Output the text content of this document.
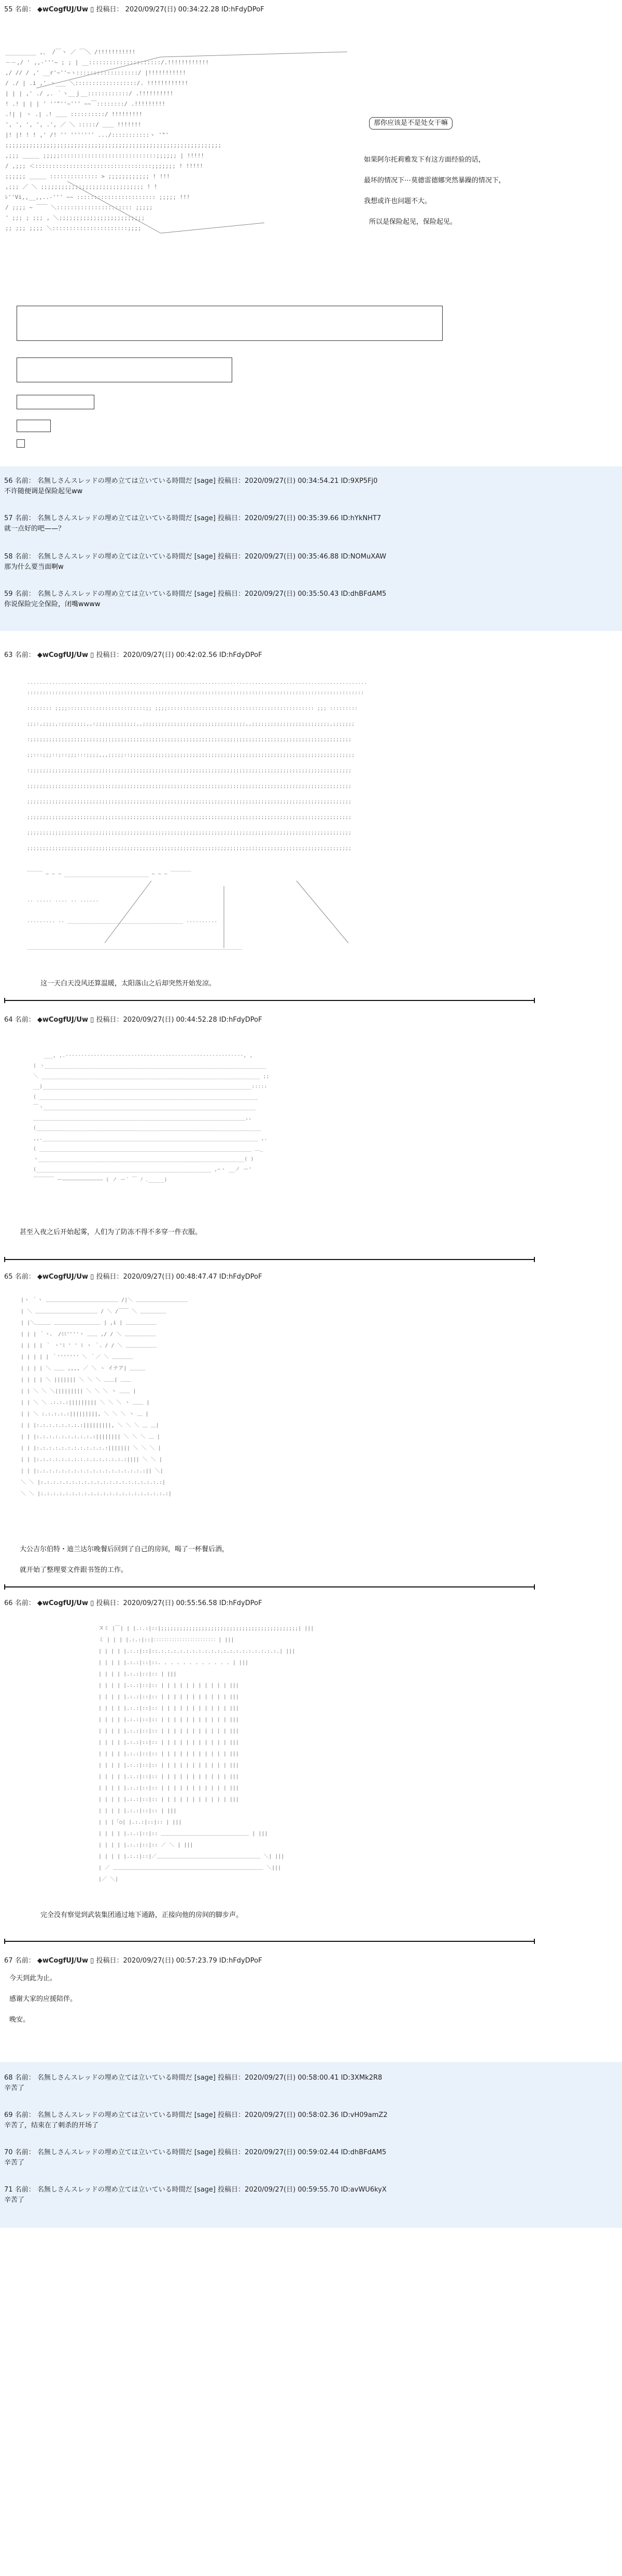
55 名前： ◆wCogfUJ/Uw ▯ 投稿日： 2020/09/27(日) 00:34:22.28 ID:hFdyDPoF
_________ ,、 /￣ヽ ／ ￣＼ /!!!!!!!!!!!
－－,/ ' ,,-'''~ ; ; | __:::::::::::::::::::::/.!!!!!!!!!!!!
,/ // / ,' __r'~''~ヽ::::::::::::::::::/ |!!!!!!!!!!!
/ ./ | .i ,' ヽ___ ＼::::::::::::::::::/. !!!!!!!!!!!!
| | | ,' ./ ,. ｀ヽ__ｊ__::::::::::::/ .!!!!!!!!!!
! .! | | | ' ''"''~''' ~~￣::::::::/ .!!!!!!!!!
.!| | ヽ .| .! ＿＿ ::::::::::/ !!!!!!!!!
', ', ', ', .', ／ ＼ :::::/ ＿＿ !!!!!!!
|! |! ! ! ,' /! '' ''''''' .../:::::::::::ヽ '"'
;;;;;;;;;;;;;;;;;;;;;;;;;;;;;;;;;;;;;;;;;;;;;;;;;;;;;;;;;;;;;;;
,;;; ＿＿＿ ;;;;;::::::::::::::::::::::::::::;;;;;; | !!!!!
/ ,;;; ＜::::::::::::::::::::::::::::::::::;;;;;;; ! !!!!!
;;;;;; ＿＿＿ :::::::::::::: > ;;;;;;;;;;;; ! !!!
,;;; ／ ＼ ;;;;;;;;;;;;;;;;;;;;;;;;;;;;;; ! !
ﾚ''Vi,,__,,..-''' ~~ ::::::::::::::::::::::: ;;;;; !!!
/ ;;;; ~ ￣￣ ＼:::::::::::::::::::::: ;;;;;
' ;;; ; ;;; , ＼;;;;;;;;;;;;;;;;;;;;;;;;;
;; ;;; ;;;; ＼::::::::::::::::::::::;;;;
那你应该是不是处女干嘛
如果阿尔托莉雅发下有这方面经验的话，
最坏的情况下⋯莫德雷德娜突然暴躁的情况下，
我想或许也问题不大。
所以是保险起见，保险起见。
56 名前： 名無しさんスレッドの埋め立ては立いている時間だ [sage] 投稿日：2020/09/27(日) 00:34:54.21 ID:9XP5Fj0
不许随便调是保险起见ww
57 名前： 名無しさんスレッドの埋め立ては立いている時間だ [sage] 投稿日：2020/09/27(日) 00:35:39.66 ID:hYkNHT7
就一点好的吧——？
58 名前： 名無しさんスレッドの埋め立ては立いている時間だ [sage] 投稿日：2020/09/27(日) 00:35:46.88 ID:NOMuXAW
那为什么要当面啊w
59 名前： 名無しさんスレッドの埋め立ては立いている時間だ [sage] 投稿日：2020/09/27(日) 00:35:50.43 ID:dhBFdAM5
你说保险完全保险，闭嘴wwww
63 名前： ◆wCogfUJ/Uw ▯ 投稿日：2020/09/27(日) 00:42:02.56 ID:hFdyDPoF
.............................................................................................................
::::::::::::::::::::::::::::::::::::::::::::::::::::::::::::::::::::::::::::::::::::::::::::::::::::::::::::
:::::::: ;;;;:::::::::::::::::::::::::;; ;;;;::::::::::::::::::::::::::::::::::::::::::::::: ;;; :::::::::
;;;:,;;;;,:;;;;;;;;,,:;;;;;;;;;;;;;,,;;;;;;;;;;;;;;;;;;;;;;;;;;;;;;;;;,,;;;;;;;;;;;;;;;;;;;;;;;;;,;;;;;;;
:;;;;;;;;;;;;;;;;;;;;;;;;;;;;;;;;;;;;;;;;;;;;;;;;;;;;;;;;;;;;;;;;;;;;;;;;;;;;;;;;;;;;;;;;;;;;;;;;;;;;;;;
;;:::;;;::;::;;;:::;;;;,,,;;;;;::;;;;;;;;;;;;;;;;;;;;;;;;;;;;;;;;;;;;;;;;;;;;;;;;;;;;;;;;;;;;;;;;;;;;;;;;
:;;;;;;;;;;;;;;;;;;;;;;;;;;;;;;;;;;;;;;;;;;;;;;;;;;;;;;;;;;;;;;;;;;;;;;;;;;;;;;;;;;;;;;;;;;;;;;;;;;;;;;;
;;;;;;;;;;;;;;;;;;;;;;;;;;;;;;;;;;;;;;;;;;;;;;;;;;;;;;;;;;;;;;;;;;;;;;;;;;;;;;;;;;;;;;;;;;;;;;;;;;;;;;;;
;;;;;;;;;;;;;;;;;;;;;;;;;;;;;;;;;;;;;;;;;;;;;;;;;;;;;;;;;;;;;;;;;;;;;;;;;;;;;;;;;;;;;;;;;;;;;;;;;;;;;;;;
;;;;;;;;;;;;;;;;;;;;;;;;;;;;;;;;;;;;;;;;;;;;;;;;;;;;;;;;;;;;;;;;;;;;;;;;;;;;;;;;;;;;;;;;;;;;;;;;;;;;;;;;
;;;;;;;;;;;;;;;;;;;;;;;;;;;;;;;;;;;;;;;;;;;;;;;;;;;;;;;;;;;;;;;;;;;;;;;;;;;;;;;;;;;;;;;;;;;;;;;;;;;;;;;;
;;;;;;;;;;;;;;;;;;;;;;;;;;;;;;;;;;;;;;;;;;;;;;;;;;;;;;;;;;;;;;;;;;;;;;;;;;;;;;;;;;;;;;;;;;;;;;;;;;;;;;;;
￣￣￣ ~ ~ ~ ___________________________ ~ ~ ~ ￣￣￣￣
.. ..... .... .. ......
......... .. _____________________________________ ..........
_____________________________________________________________________
这一天白天没风还算温暖，太阳落山之后却突然开始发凉。
64 名前： ◆wCogfUJ/Uw ▯ 投稿日：2020/09/27(日) 00:44:52.28 ID:hFdyDPoF
___, ,.---------------------------------------------------------, ,
( ヽ_______________________________________________________________________
＼ ______________________________________________________________________ ;;
__)___________________________________________________________________:::::
( ______________________________________________________________________
￣ヽ____________________________________________________________________
____________________________________________________________________,,
(________________________________________________________________________
,,._____________________________________________________________________ ,.
( ____________________________________________________________________ ＿_
ヽ__________________________________________________________________( )
(________________________________________________________ ,~ヽ __ノ ー'
￣￣￣￣ ー――――――――――――― ( ノ ー´ ￣ ﾉ ､_____)
甚至入夜之后开始起雾，人们为了防冻不得不多穿一件衣服。
65 名前： ◆wCogfUJ/Uw ▯ 投稿日：2020/09/27(日) 00:48:47.47 ID:hFdyDPoF
|ヽ ｀ヽ ＿＿＿＿＿＿＿＿＿＿＿＿＿＿ /|＼ ＿＿＿＿＿＿＿＿＿＿
| ＼ ＿＿＿＿＿＿＿＿＿＿＿＿ / ＼ /￣￣ ＼ ＿＿＿＿＿
| |＼＿＿＿ ＿＿＿＿＿＿＿＿＿ | ,i | ＿＿＿＿＿＿
| | | ｀ヽ、 /ﾐﾐ''''ヽ ＿＿ ,/ / ＼ ＿＿＿＿＿＿
| | | | ｀ ヽ'ﾐ ' ' ﾐ ヽ ｀、/ / ＼ ＿＿＿＿＿＿
| | | | | ｀''''''' ＼ ｀／ ＼ ＿＿＿＿
| | | | ＼ ＿＿ ,,,, ／ ＼ ヽ イテア| ＿＿＿
| | | | ＼ ||||||| ＼ ＼ ＼ ＿＿| ＿＿
| | ＼ ＼ ＼||||||||| ＼ ＼ ＼ ヽ ＿＿ |
| | ＼ ＼ .:.:.:||||||||| ＼ ＼ ＼ ヽ ＿＿ |
| | ＼ :.:.:.:.:|||||||||, ＼ ＼ ＼ ヽ ＿ |
| | |:.:.:.:.:.:.:.:|||||||||, ＼ ＼ ＼ ＿ ＿|
| | |:.:.:.:.:.:.:.:.:.:|||||||| ＼ ＼ ＼ ＿ |
| | |:.:.:.:.:.:.:.:.:.:.:.:||||||| ＼ ＼ ＼ |
| | |:.:.:.:.:.:.:.:.:.:.:.:.:.:.:|||| ＼ ＼ |
| | |:.:.:.:.:.:.:.:.:.:.:.:.:.:.:.:.:.:|| ＼|
＼ ＼ |:.:.:.:.:.:.:.:.:.:.:.:.:.:.:.:.:.:.:.:|
＼ ＼ |:.:.:.:.:.:.:.:.:.:.:.:.:.:.:.:.:.:.:.:.:|
大公吉尔伯特・迪兰达尔晚餐后回到了自己的房间，喝了一杯餐后酒，
就开始了整理要文件跟书签的工作。
66 名前： ◆wCogfUJ/Uw ▯ 投稿日：2020/09/27(日) 00:55:56.58 ID:hFdyDPoF
ヌミ |￣| | |.:.:|::|;;;;;;;;;;;;;;;;;;;;;;;;;;;;;;;;;;;;;;;;;;;;| |||
ミ | | | |.:.:|::|：：：：：：：：：：：：：：：：：：：：：：：：| |||
| | | | |.:.:|::|::.:.:.:.:.:.:.:.:.:.:.:.:.:.:.:.:.:.:.:.| |||
| | | | |.:.:|::|::. . . . . . . . . . . . | |||
| | | | |.:.:|::|:: | |||
| | | | |.:.:|::|:: | | | | | | | | | | | |||
| | | | |.:.:|::|:: | | | | | | | | | | | |||
| | | | |.:.:|::|:: | | | | | | | | | | | |||
| | | | |.:.:|::|:: | | | | | | | | | | | |||
| | | | |.:.:|::|:: | | | | | | | | | | | |||
| | | | |.:.:|::|:: | | | | | | | | | | | |||
| | | | |.:.:|::|:: | | | | | | | | | | | |||
| | | | |.:.:|::|:: | | | | | | | | | | | |||
| | | | |.:.:|::|:: | | | | | | | | | | | |||
| | | | |.:.:|::|:: | | | | | | | | | | | |||
| | | | |.:.:|::|:: | | | | | | | | | | | |||
| | | | |.:.:|::|:: | |||
| | |「○| |.:.:|::|:: | |||
| | | | |.:.:|::|:: ＿＿＿＿＿＿＿＿＿＿＿＿＿＿＿＿＿ | |||
| | | | |.:.:|::|:: ／ ＼ | |||
| | | | |.:.:|::|／＿＿＿＿＿＿＿＿＿＿＿＿＿＿＿＿＿＿＿＿ ＼| |||
| ／ ＿＿＿＿＿＿＿＿＿＿＿＿＿＿＿＿＿＿＿＿＿＿＿＿＿＿＿＿＿ ＼|||
|／ ＼|
完全没有察觉到武装集团通过地下通路，正接向他的房间的脚步声。
67 名前： ◆wCogfUJ/Uw ▯ 投稿日：2020/09/27(日) 00:57:23.79 ID:hFdyDPoF
今天到此为止。
感谢大家的应援陪伴。
晚安。
68 名前： 名無しさんスレッドの埋め立ては立いている時間だ [sage] 投稿日：2020/09/27(日) 00:58:00.41 ID:3XMk2R8
辛苦了
69 名前： 名無しさんスレッドの埋め立ては立いている時間だ [sage] 投稿日：2020/09/27(日) 00:58:02.36 ID:vH09amZ2
辛苦了，结束在了刺杀的开场了
70 名前： 名無しさんスレッドの埋め立ては立いている時間だ [sage] 投稿日：2020/09/27(日) 00:59:02.44 ID:dhBFdAM5
辛苦了
71 名前： 名無しさんスレッドの埋め立ては立いている時間だ [sage] 投稿日：2020/09/27(日) 00:59:55.70 ID:avWU6kyX
辛苦了
